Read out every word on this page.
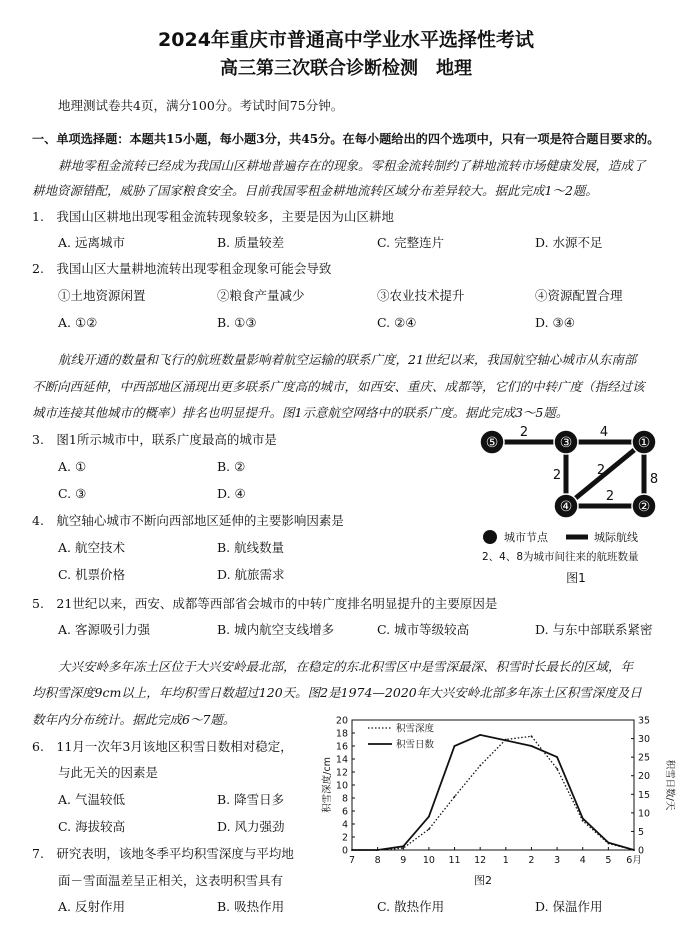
2024年重庆市普通高中学业水平选择性考试
高三第三次联合诊断检测　地理
地理测试卷共4页，满分100分。考试时间75分钟。
一、单项选择题：本题共15小题，每小题3分，共45分。在每小题给出的四个选项中，只有一项是符合题目要求的。
耕地零租金流转已经成为我国山区耕地普遍存在的现象。零租金流转制约了耕地流转市场健康发展，造成了
耕地资源错配，威胁了国家粮食安全。目前我国零租金耕地流转区域分布差异较大。据此完成1～2题。
1.　我国山区耕地出现零租金流转现象较多，主要是因为山区耕地
A. 远离城市	B. 质量较差	C. 完整连片	D. 水源不足
2.　我国山区大量耕地流转出现零租金现象可能会导致
①土地资源闲置	②粮食产量减少	③农业技术提升	④资源配置合理
A. ①②	B. ①③	C. ②④	D. ③④
航线开通的数量和飞行的航班数量影响着航空运输的联系广度，21世纪以来，我国航空轴心城市从东南部
不断向西延伸，中西部地区涌现出更多联系广度高的城市，如西安、重庆、成都等，它们的中转广度（指经过该
城市连接其他城市的概率）排名也明显提升。图1示意航空网络中的联系广度。据此完成3～5题。
3.　图1所示城市中，联系广度最高的城市是
A. ①	B. ②
C. ③	D. ④
4.　航空轴心城市不断向西部地区延伸的主要影响因素是
A. 航空技术	B. 航线数量
C. 机票价格	D. 航旅需求
⑤	③	①
④	②
2	4
2	2
8
2
城市节点	城际航线
2、4、8为城市间往来的航班数量
图1
5.　21世纪以来，西安、成都等西部省会城市的中转广度排名明显提升的主要原因是
A. 客源吸引力强	B. 城内航空支线增多	C. 城市等级较高	D. 与东中部联系紧密
大兴安岭多年冻土区位于大兴安岭最北部，在稳定的东北积雪区中是雪深最深、积雪时长最长的区域，年
均积雪深度9cm以上，年均积雪日数超过120天。图2是1974—2020年大兴安岭北部多年冻土区积雪深度及日
数年内分布统计。据此完成6～7题。
6.　11月一次年3月该地区积雪日数相对稳定，
与此无关的因素是
A. 气温较低	B. 降雪日多
C. 海拔较高	D. 风力强劲
7.　研究表明，该地冬季平均积雪深度与平均地
面－雪面温差呈正相关，这表明积雪具有
A. 反射作用	B. 吸热作用	C. 散热作用	D. 保温作用
0
2
4
6
8
10
12
14
16
18
20
0
5
10
15
20
25
30
35
7 8 9 10 11 12 1 2 3 4 5 6月
积雪深度/cm	积雪日数/天
积雪深度
积雪日数
图2
